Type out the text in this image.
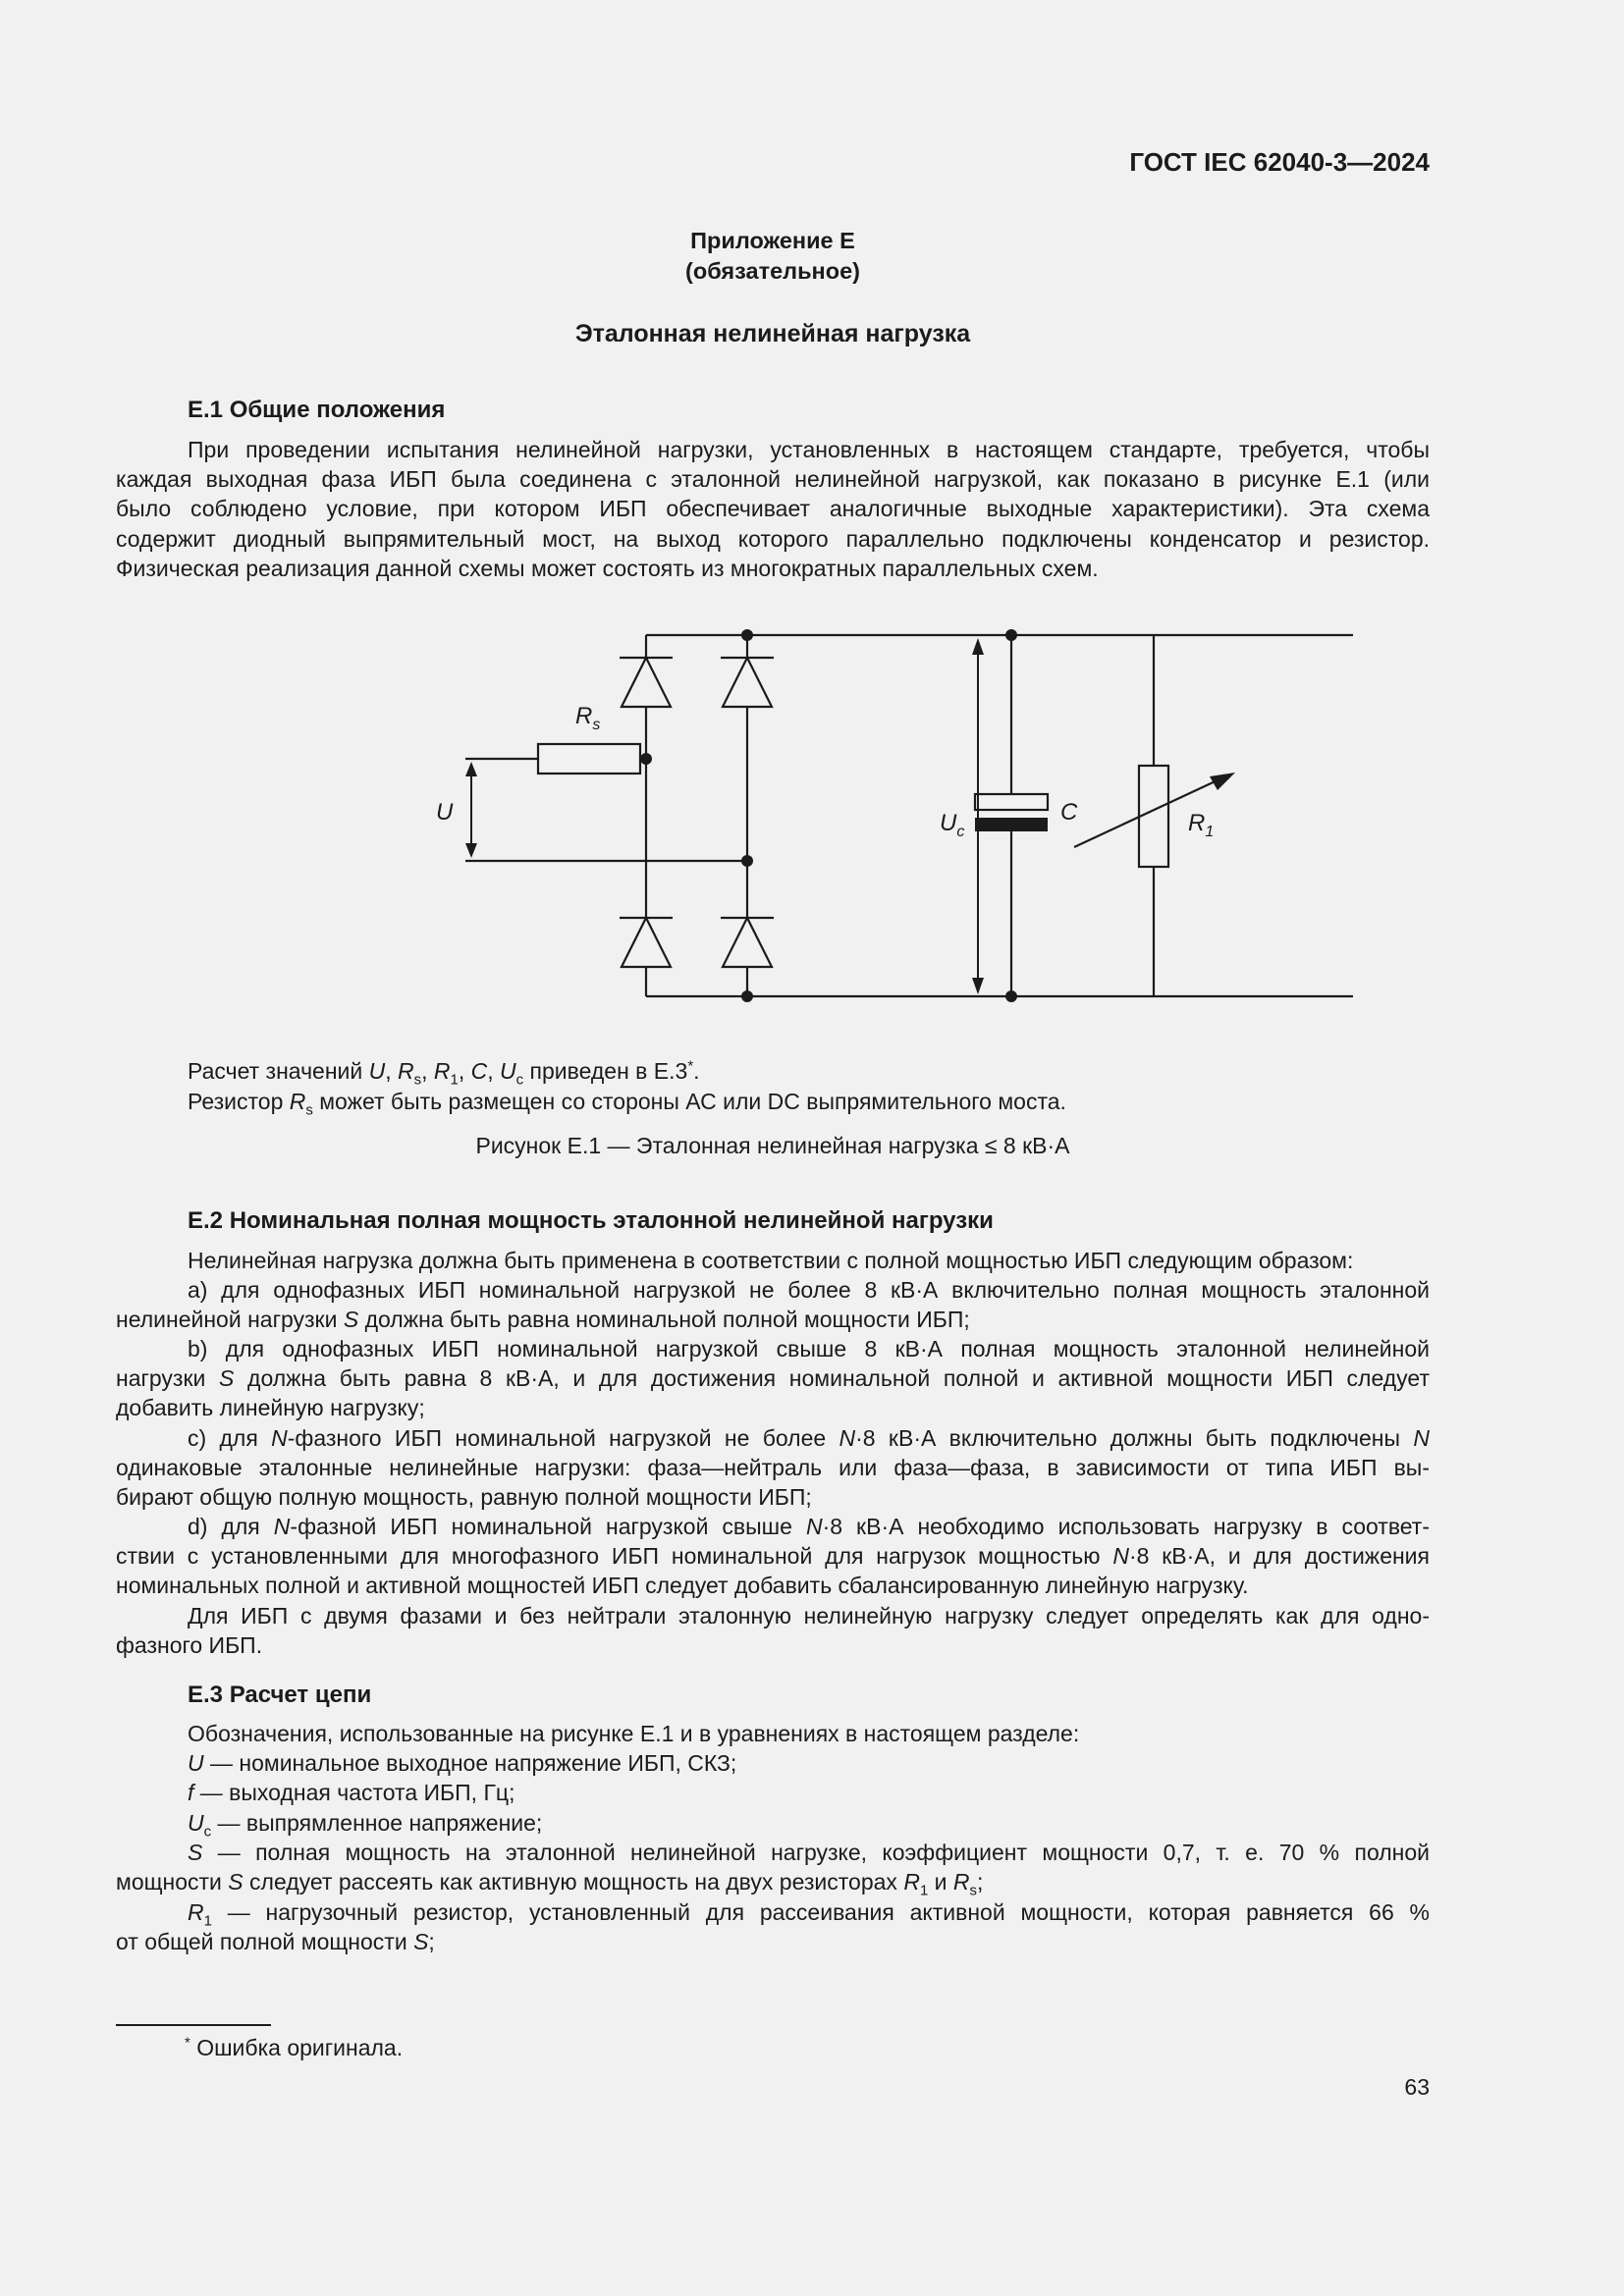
ГОСТ IEC 62040-3—2024
Приложение Е
(обязательное)
Эталонная нелинейная нагрузка
Е.1 Общие положения
При проведении испытания нелинейной нагрузки, установленных в настоящем стандарте, требуется, чтобы
каждая выходная фаза ИБП была соединена с эталонной нелинейной нагрузкой, как показано в рисунке Е.1 (или
было соблюдено условие, при котором ИБП обеспечивает аналогичные выходные характеристики). Эта схема
содержит диодный выпрямительный мост, на выход которого параллельно подключены конденсатор и резистор.
Физическая реализация данной схемы может состоять из многократных параллельных схем.
$R_s$
U	$U_c$
C	$R_1$
Расчет значений U, $R_s$, $R_1$, C, $U_c$ приведен в Е.3*.
Резистор $R_s$ может быть размещен со стороны АС или DC выпрямительного моста.
Рисунок Е.1 — Эталонная нелинейная нагрузка ≤ 8 кВ·А
Е.2 Номинальная полная мощность эталонной нелинейной нагрузки
Нелинейная нагрузка должна быть применена в соответствии с полной мощностью ИБП следующим образом:
а) для однофазных ИБП номинальной нагрузкой не более 8 кВ·А включительно полная мощность эталонной
нелинейной нагрузки S должна быть равна номинальной полной мощности ИБП;
b) для однофазных ИБП номинальной нагрузкой свыше 8 кВ·А полная мощность эталонной нелинейной
нагрузки S должна быть равна 8 кВ·А, и для достижения номинальной полной и активной мощности ИБП следует
добавить линейную нагрузку;
с) для N-фазного ИБП номинальной нагрузкой не более N·8 кВ·А включительно должны быть подключены N
одинаковые эталонные нелинейные нагрузки: фаза—нейтраль или фаза—фаза, в зависимости от типа ИБП вы-
бирают общую полную мощность, равную полной мощности ИБП;
d) для N-фазной ИБП номинальной нагрузкой свыше N·8 кВ·А необходимо использовать нагрузку в соответ-
ствии с установленными для многофазного ИБП номинальной для нагрузок мощностью N·8 кВ·А, и для достижения
номинальных полной и активной мощностей ИБП следует добавить сбалансированную линейную нагрузку.
Для ИБП с двумя фазами и без нейтрали эталонную нелинейную нагрузку следует определять как для одно-
фазного ИБП.
Е.3 Расчет цепи
Обозначения, использованные на рисунке Е.1 и в уравнениях в настоящем разделе:
U — номинальное выходное напряжение ИБП, СКЗ;
f — выходная частота ИБП, Гц;
$U_c$ — выпрямленное напряжение;
S — полная мощность на эталонной нелинейной нагрузке, коэффициент мощности 0,7, т. е. 70 % полной
мощности S следует рассеять как активную мощность на двух резисторах $R_1$ и $R_s$;
$R_1$ — нагрузочный резистор, установленный для рассеивания активной мощности, которая равняется 66 %
от общей полной мощности S;
* Ошибка оригинала.
63
